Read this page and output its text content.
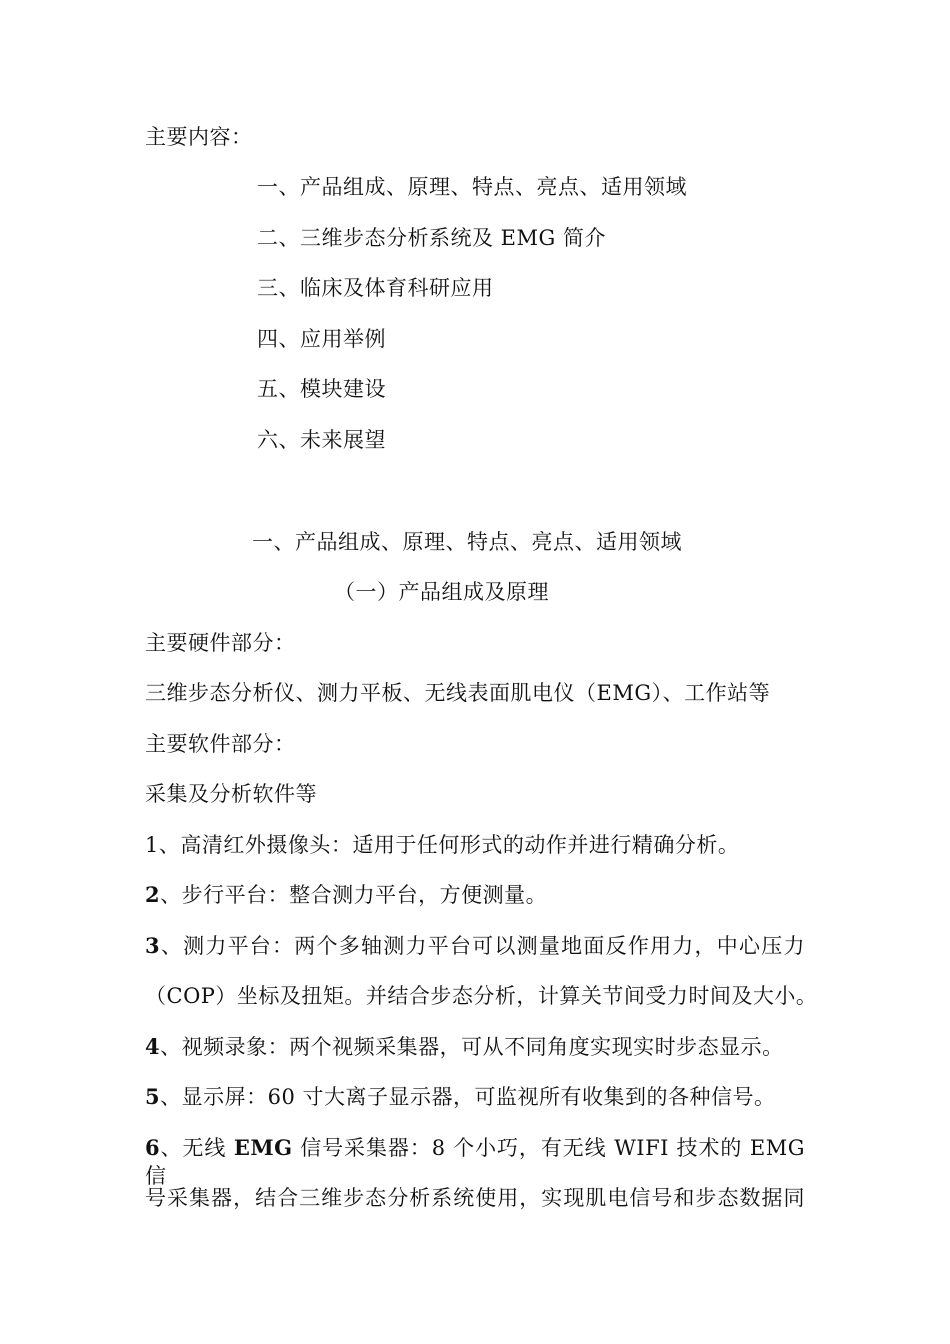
主要内容：
一、产品组成、原理、特点、亮点、适用领域
二、三维步态分析系统及 EMG 简介
三、临床及体育科研应用
四、应用举例
五、模块建设
六、未来展望
一、产品组成、原理、特点、亮点、适用领域
（一）产品组成及原理
主要硬件部分：
三维步态分析仪、测力平板、无线表面肌电仪（EMG）、工作站等
主要软件部分：
采集及分析软件等
1、高清红外摄像头：适用于任何形式的动作并进行精确分析。
2、步行平台：整合测力平台，方便测量。
3、测力平台：两个多轴测力平台可以测量地面反作用力，中心压力
（COP）坐标及扭矩。并结合步态分析，计算关节间受力时间及大小。
4、视频录象：两个视频采集器，可从不同角度实现实时步态显示。
5、显示屏：60 寸大离子显示器，可监视所有收集到的各种信号。
6、无线 EMG 信号采集器：8 个小巧，有无线 WIFI 技术的 EMG 信
号采集器，结合三维步态分析系统使用，实现肌电信号和步态数据同
